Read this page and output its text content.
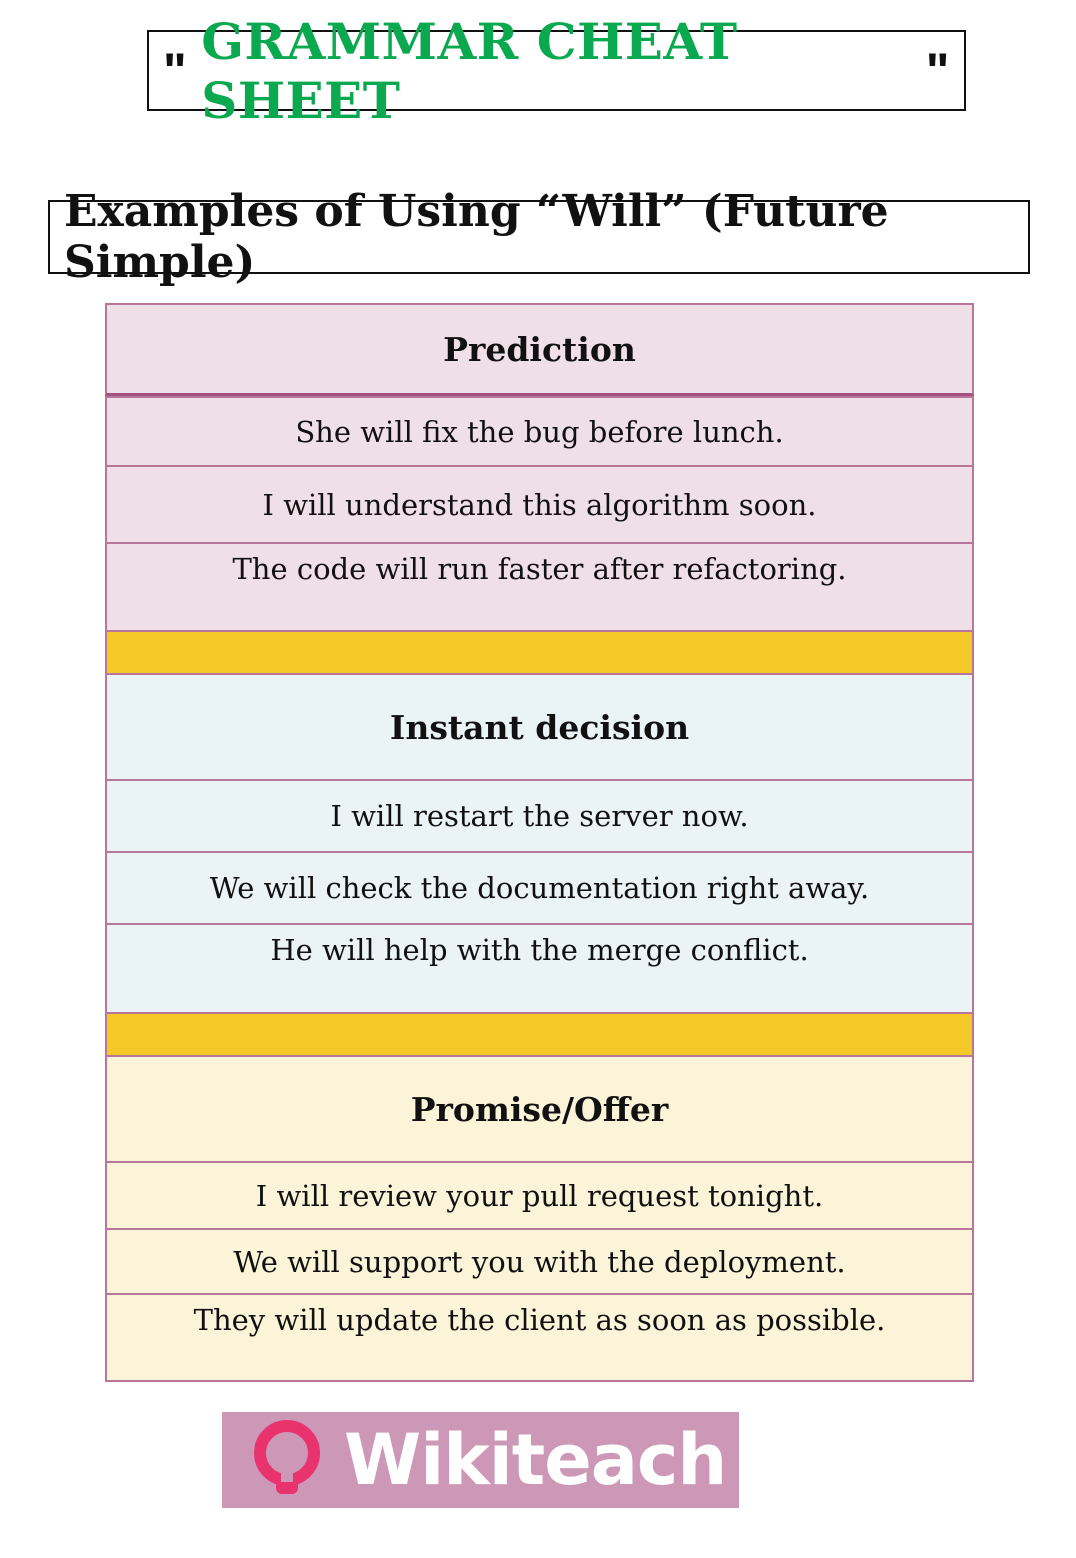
" GRAMMAR CHEAT SHEET	"
Examples of Using “Will” (Future Simple)
Prediction
She will fix the bug before lunch.
I will understand this algorithm soon.
The code will run faster after refactoring.
Instant decision
I will restart the server now.
We will check the documentation right away.
He will help with the merge conflict.
Promise/Offer
I will review your pull request tonight.
We will support you with the deployment.
They will update the client as soon as possible.
Wikiteach
